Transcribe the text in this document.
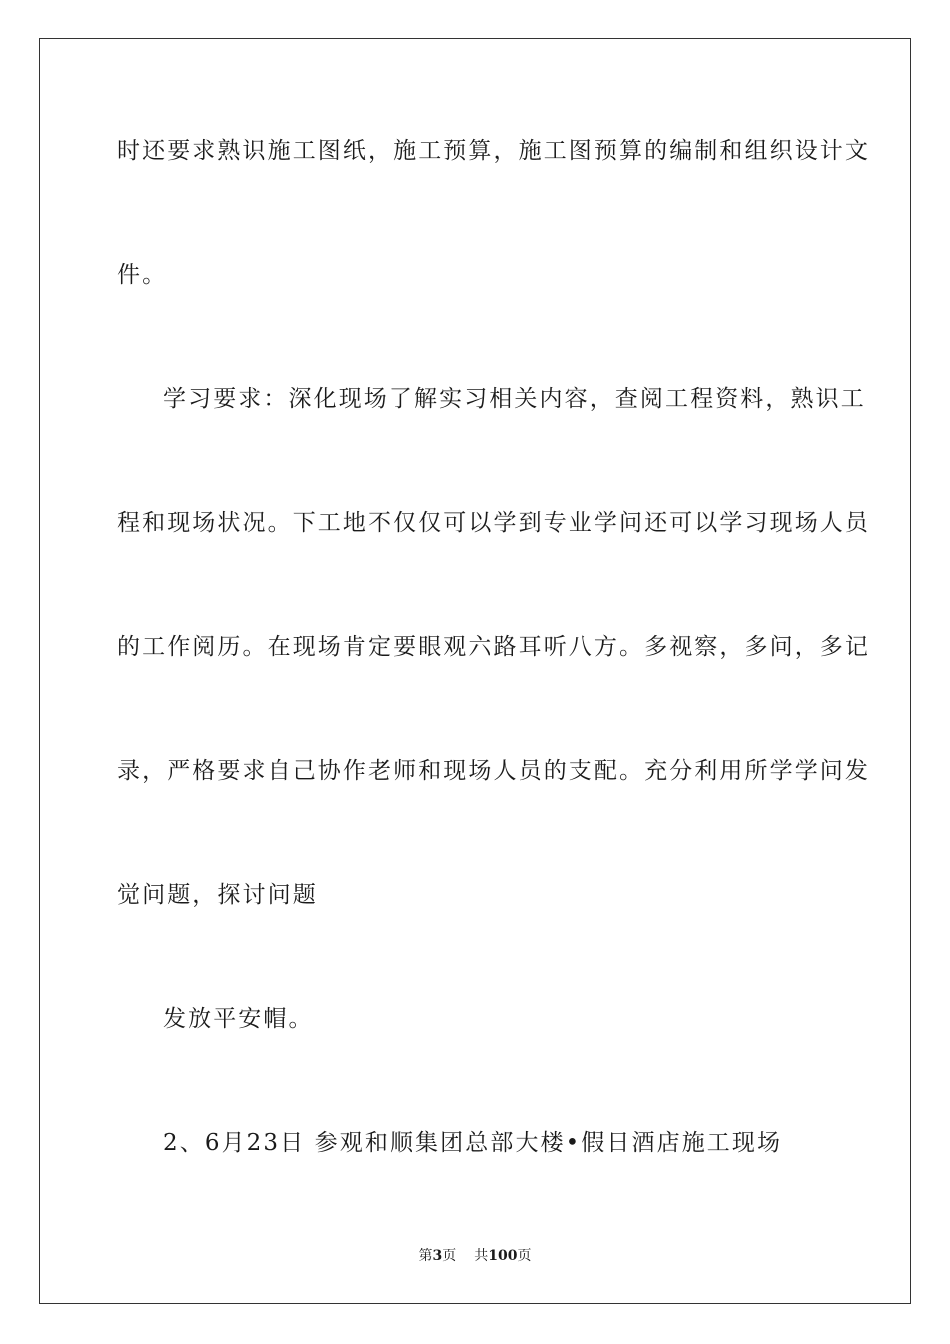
时还要求熟识施工图纸，施工预算，施工图预算的编制和组织设计文
件。
学习要求：深化现场了解实习相关内容，查阅工程资料，熟识工
程和现场状况。下工地不仅仅可以学到专业学问还可以学习现场人员
的工作阅历。在现场肯定要眼观六路耳听八方。多视察，多问，多记
录，严格要求自己协作老师和现场人员的支配。充分利用所学学问发
觉问题，探讨问题
发放平安帽。
2、6月23日 参观和顺集团总部大楼•假日酒店施工现场
第3页 共100页
